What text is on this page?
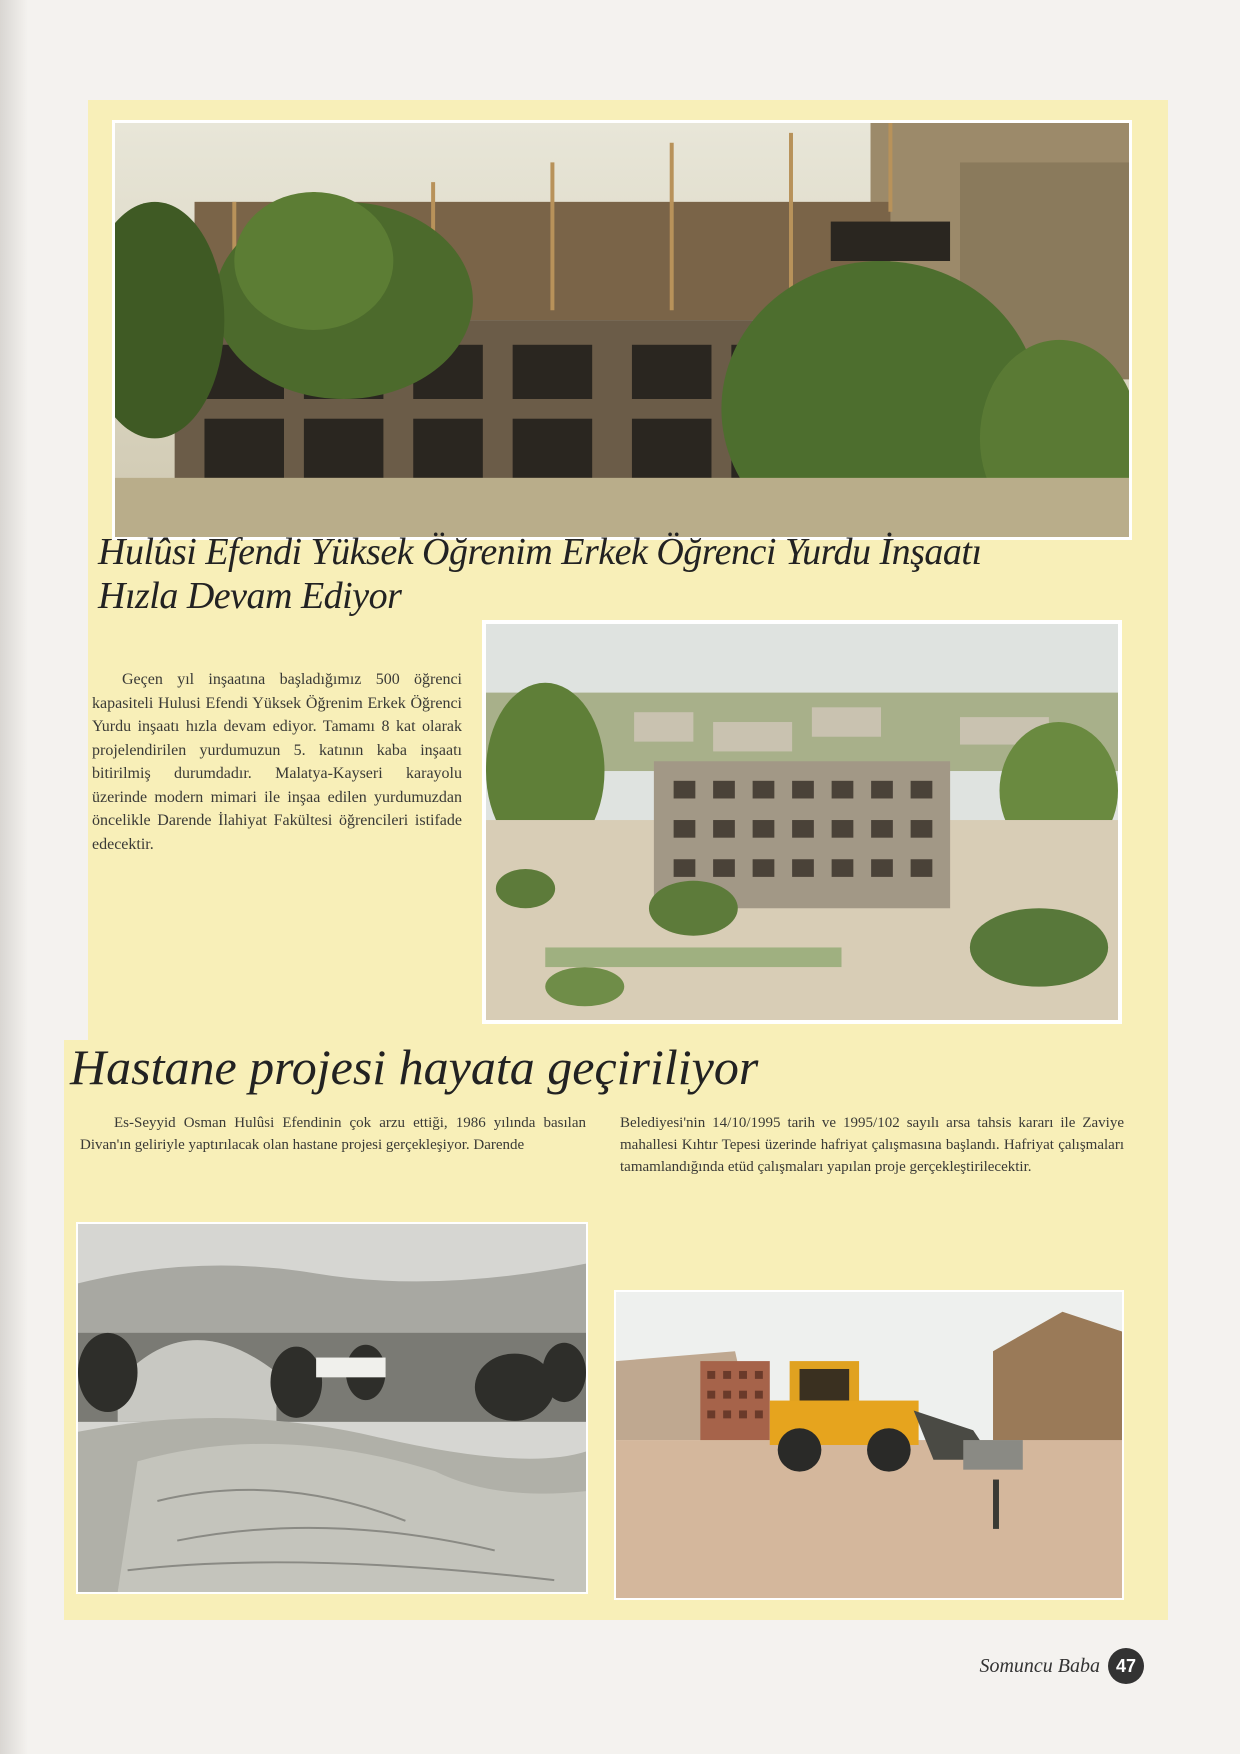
Hulûsi Efendi Yüksek Öğrenim Erkek Öğrenci Yurdu İnşaatı
Hızla Devam Ediyor

Geçen yıl inşaatına başladığımız 500 öğrenci kapasiteli Hulusi Efendi Yüksek Öğrenim Erkek Öğrenci Yurdu inşaatı hızla devam ediyor. Tamamı 8 kat olarak projelendirilen yurdumuzun 5. katının kaba inşaatı bitirilmiş durumdadır. Malatya-Kayseri karayolu üzerinde modern mimari ile inşaa edilen yurdumuzdan öncelikle Darende İlahiyat Fakültesi öğrencileri istifade edecektir.

Hastane projesi hayata geçiriliyor

Es-Seyyid Osman Hulûsi Efendinin çok arzu ettiği, 1986 yılında basılan Divan'ın geliriyle yaptırılacak olan hastane projesi gerçekleşiyor. Darende

Belediyesi'nin 14/10/1995 tarih ve 1995/102 sayılı arsa tahsis kararı ile Zaviye mahallesi Kıhtır Tepesi üzerinde hafriyat çalışmasına başlandı. Hafriyat çalışmaları tamamlandığında etüd çalışmaları yapılan proje gerçekleştirilecektir.

Somuncu Baba 47
